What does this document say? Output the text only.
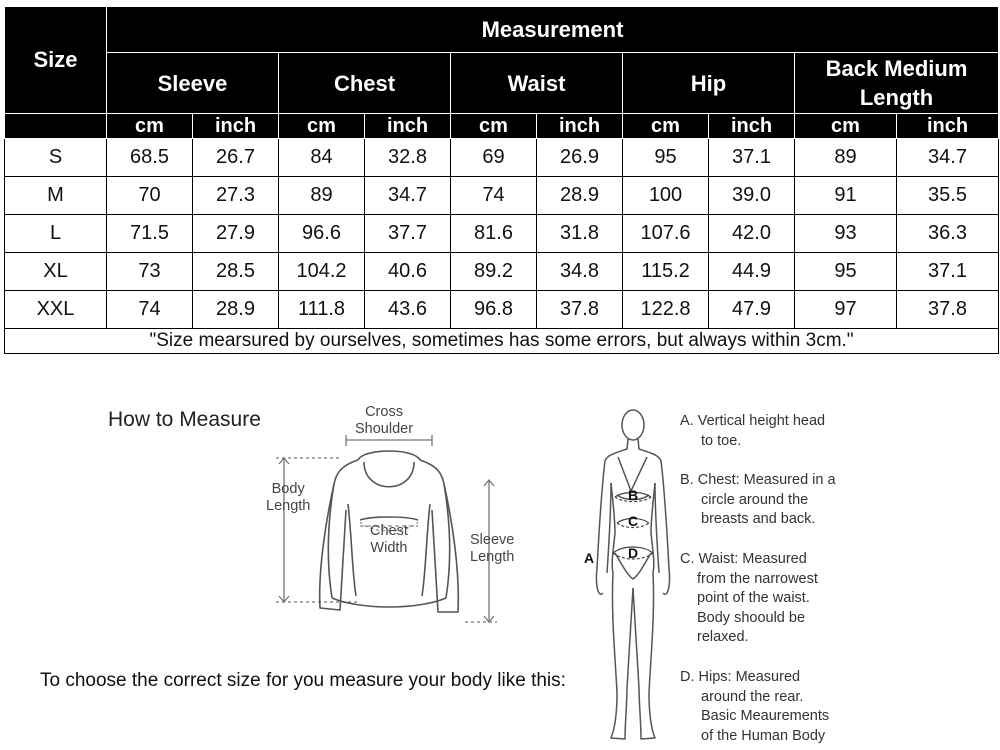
Size	Measurement									
	Sleeve		Chest		Waist		Hip		Back Medium Length	
	cm	inch	cm	inch	cm	inch	cm	inch	cm	inch
S	68.5	26.7	84	32.8	69	26.9	95	37.1	89	34.7
M	70	27.3	89	34.7	74	28.9	100	39.0	91	35.5
L	71.5	27.9	96.6	37.7	81.6	31.8	107.6	42.0	93	36.3
XL	73	28.5	104.2	40.6	89.2	34.8	115.2	44.9	95	37.1
XXL	74	28.9	111.8	43.6	96.8	37.8	122.8	47.9	97	37.8
"Size mearsured by ourselves, sometimes has some errors, but always within 3cm."										
How to Measure	Cross
Shoulder
Body
Length
Chest
Width	Sleeve
Length
To choose the correct size for you measure your body like this:
A
B
C
D
A. Vertical height head
to toe.
B. Chest: Measured in a
circle around the
breasts and back.
C. Waist: Measured
from the narrowest
point of the waist.
Body shoould be
relaxed.
D. Hips: Measured
around the rear.
Basic Meaurements
of the Human Body
